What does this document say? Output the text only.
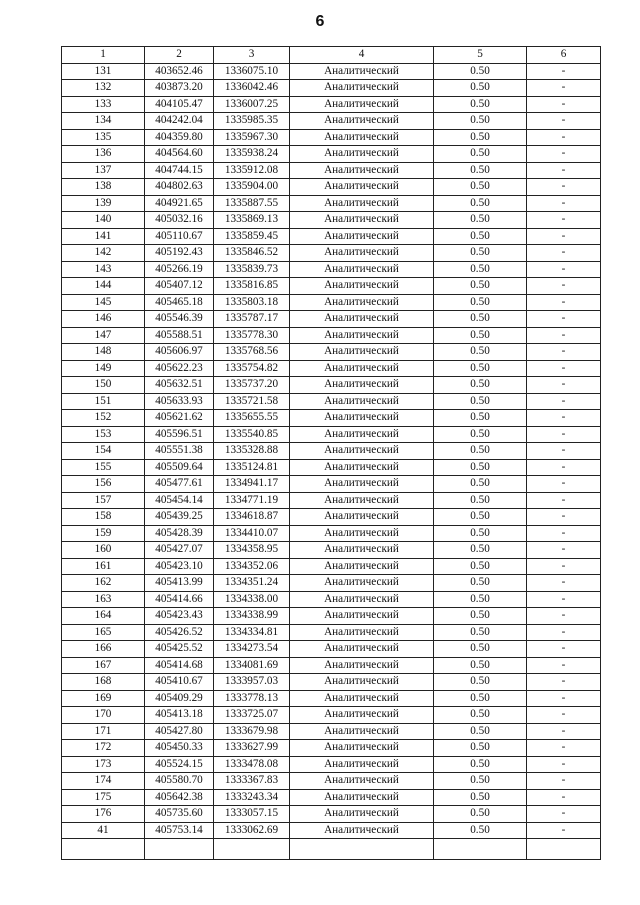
6
1	2	3	4	5	6
131	403652.46	1336075.10	Аналитический	0.50	-
132	403873.20	1336042.46	Аналитический	0.50	-
133	404105.47	1336007.25	Аналитический	0.50	-
134	404242.04	1335985.35	Аналитический	0.50	-
135	404359.80	1335967.30	Аналитический	0.50	-
136	404564.60	1335938.24	Аналитический	0.50	-
137	404744.15	1335912.08	Аналитический	0.50	-
138	404802.63	1335904.00	Аналитический	0.50	-
139	404921.65	1335887.55	Аналитический	0.50	-
140	405032.16	1335869.13	Аналитический	0.50	-
141	405110.67	1335859.45	Аналитический	0.50	-
142	405192.43	1335846.52	Аналитический	0.50	-
143	405266.19	1335839.73	Аналитический	0.50	-
144	405407.12	1335816.85	Аналитический	0.50	-
145	405465.18	1335803.18	Аналитический	0.50	-
146	405546.39	1335787.17	Аналитический	0.50	-
147	405588.51	1335778.30	Аналитический	0.50	-
148	405606.97	1335768.56	Аналитический	0.50	-
149	405622.23	1335754.82	Аналитический	0.50	-
150	405632.51	1335737.20	Аналитический	0.50	-
151	405633.93	1335721.58	Аналитический	0.50	-
152	405621.62	1335655.55	Аналитический	0.50	-
153	405596.51	1335540.85	Аналитический	0.50	-
154	405551.38	1335328.88	Аналитический	0.50	-
155	405509.64	1335124.81	Аналитический	0.50	-
156	405477.61	1334941.17	Аналитический	0.50	-
157	405454.14	1334771.19	Аналитический	0.50	-
158	405439.25	1334618.87	Аналитический	0.50	-
159	405428.39	1334410.07	Аналитический	0.50	-
160	405427.07	1334358.95	Аналитический	0.50	-
161	405423.10	1334352.06	Аналитический	0.50	-
162	405413.99	1334351.24	Аналитический	0.50	-
163	405414.66	1334338.00	Аналитический	0.50	-
164	405423.43	1334338.99	Аналитический	0.50	-
165	405426.52	1334334.81	Аналитический	0.50	-
166	405425.52	1334273.54	Аналитический	0.50	-
167	405414.68	1334081.69	Аналитический	0.50	-
168	405410.67	1333957.03	Аналитический	0.50	-
169	405409.29	1333778.13	Аналитический	0.50	-
170	405413.18	1333725.07	Аналитический	0.50	-
171	405427.80	1333679.98	Аналитический	0.50	-
172	405450.33	1333627.99	Аналитический	0.50	-
173	405524.15	1333478.08	Аналитический	0.50	-
174	405580.70	1333367.83	Аналитический	0.50	-
175	405642.38	1333243.34	Аналитический	0.50	-
176	405735.60	1333057.15	Аналитический	0.50	-
41	405753.14	1333062.69	Аналитический	0.50	-
